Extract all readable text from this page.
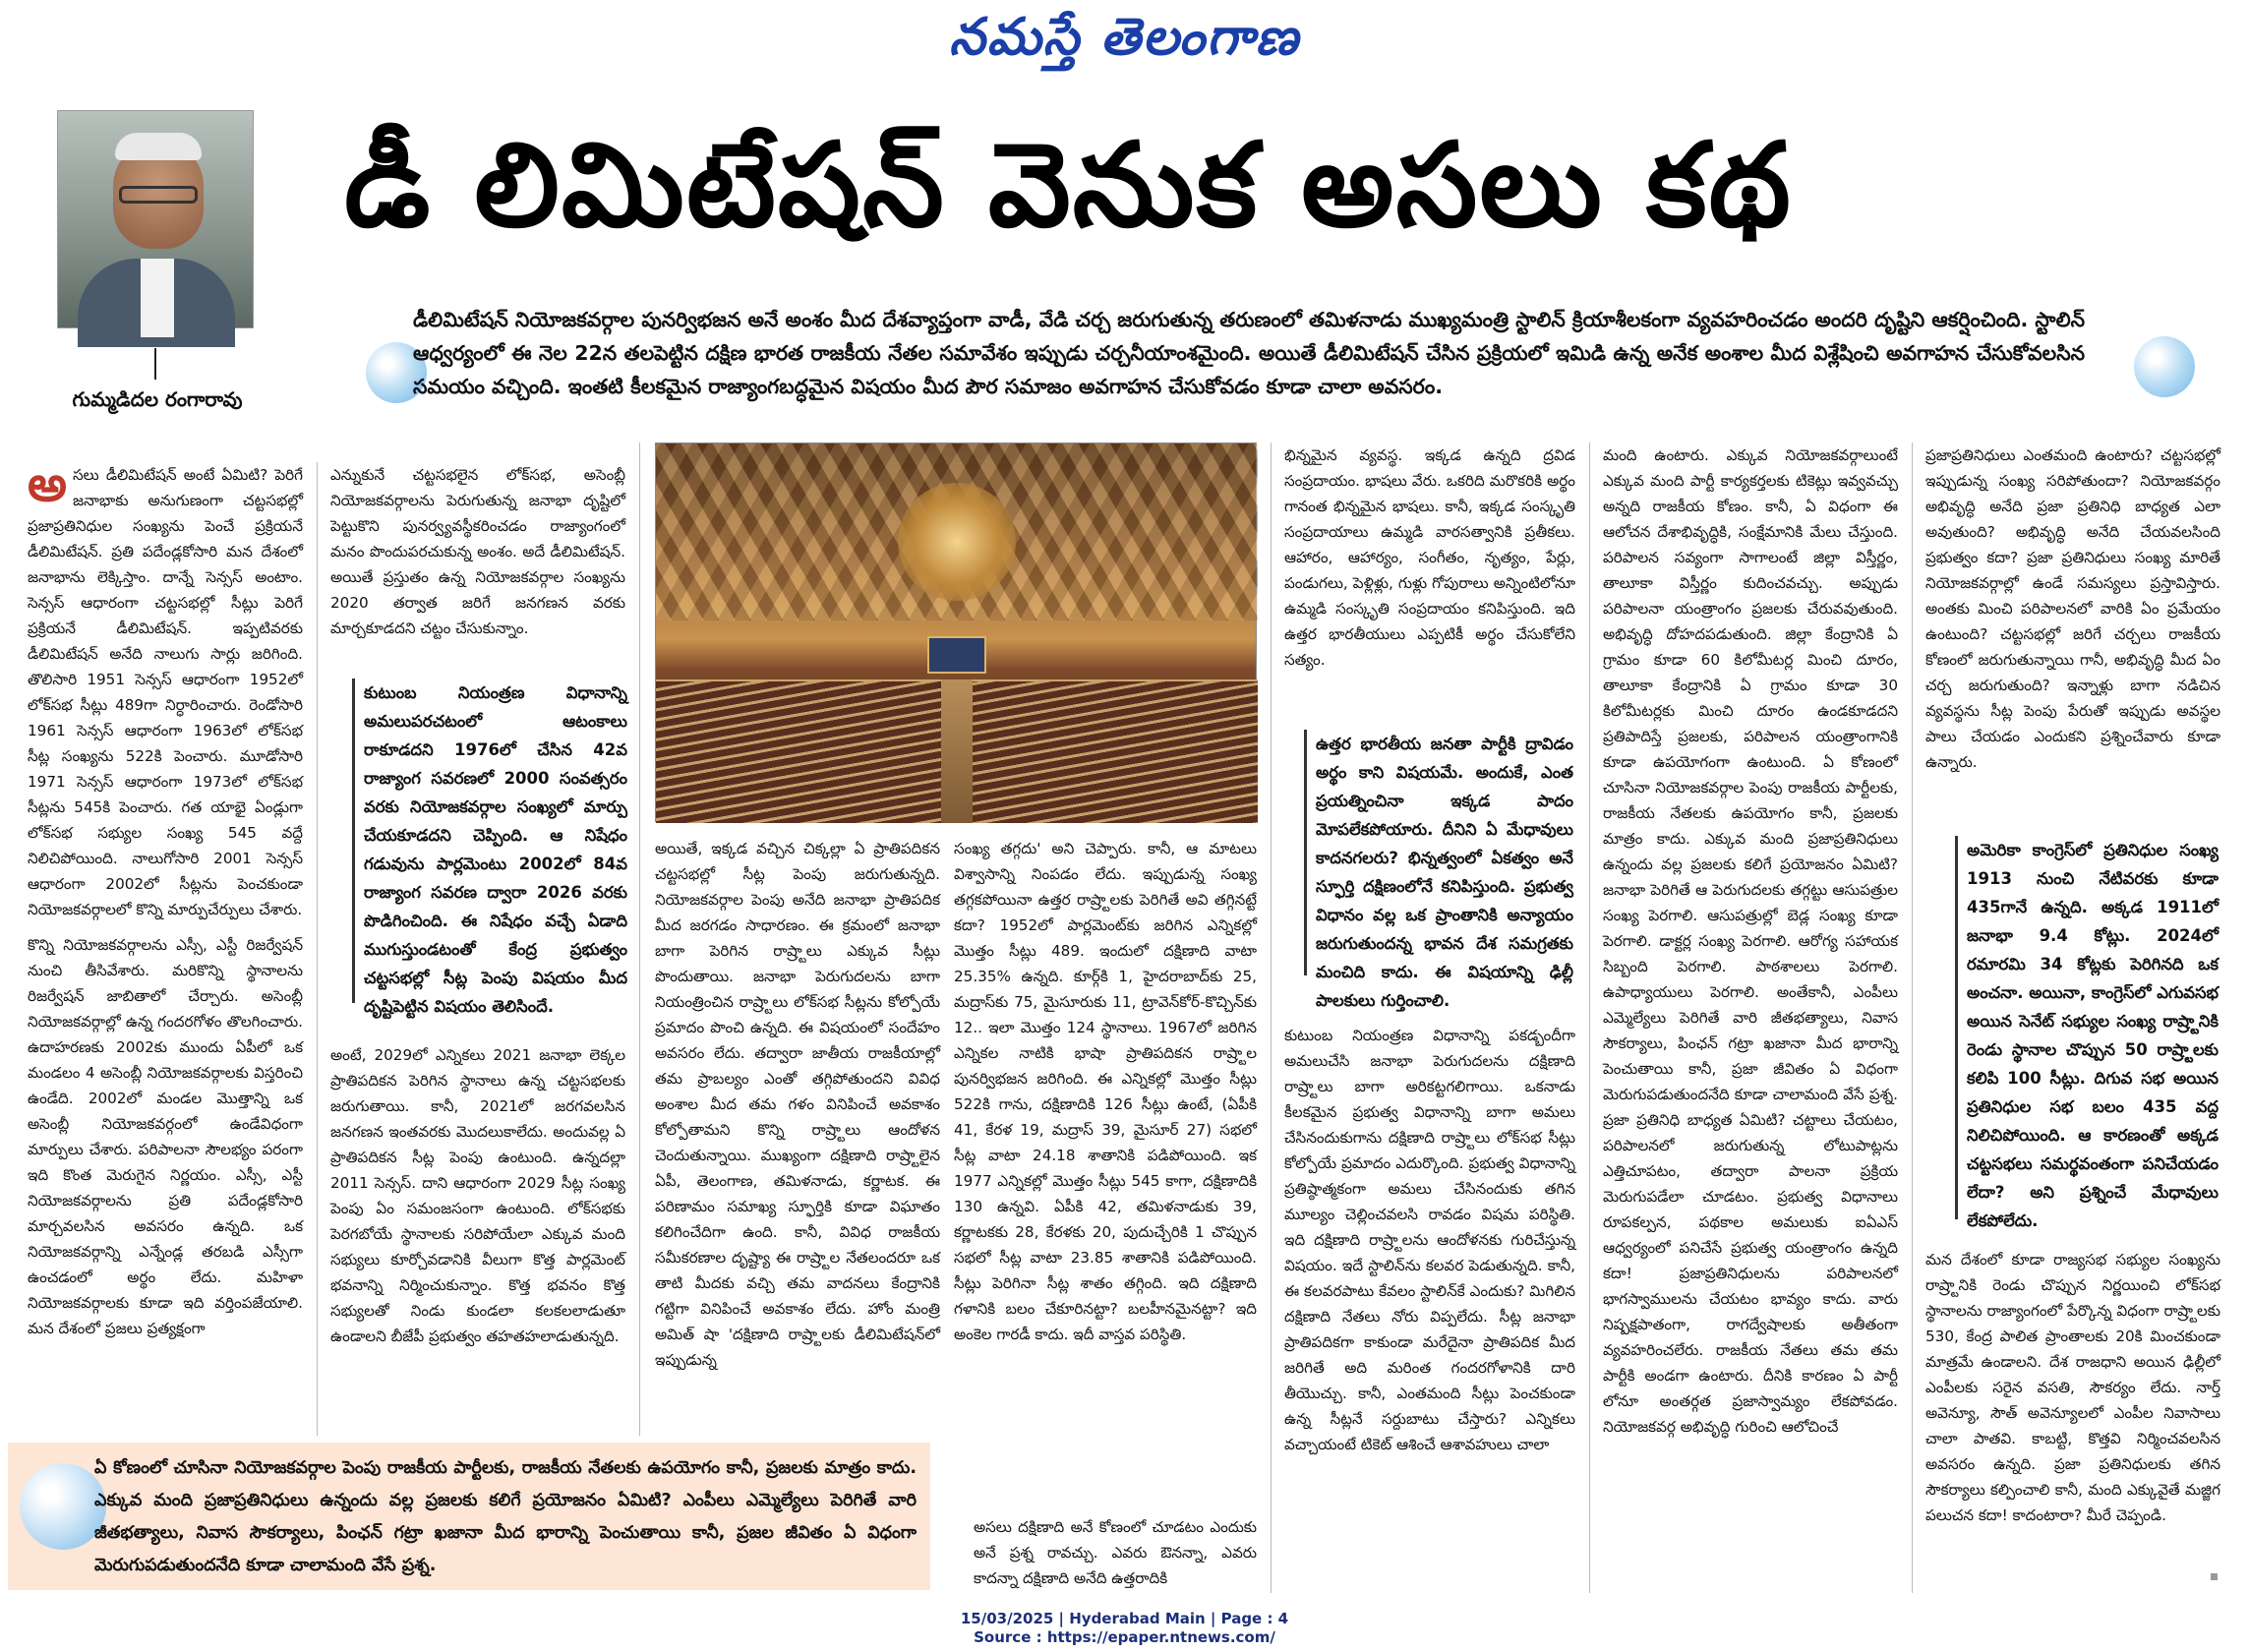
నమస్తే తెలంగాణ
గుమ్మడిదల రంగారావు
డీ లిమిటేషన్ వెనుక అసలు కథ

డీలిమిటేషన్ నియోజకవర్గాల పునర్విభజన అనే అంశం మీద దేశవ్యాప్తంగా వాడీ, వేడి చర్చ జరుగుతున్న తరుణంలో తమిళనాడు ముఖ్యమంత్రి స్టాలిన్ క్రియాశీలకంగా వ్యవహరించడం అందరి దృష్టిని ఆకర్షించింది. స్టాలిన్ ఆధ్వర్యంలో ఈ నెల 22న తలపెట్టిన దక్షిణ భారత రాజకీయ నేతల సమావేశం ఇప్పుడు చర్చనీయాంశమైంది. అయితే డీలిమిటేషన్ చేసిన ప్రక్రియలో ఇమిడి ఉన్న అనేక అంశాల మీద విశ్లేషించి అవగాహన చేసుకోవలసిన సమయం వచ్చింది. ఇంతటి కీలకమైన రాజ్యాంగబద్ధమైన విషయం మీద పౌర సమాజం అవగాహన చేసుకోవడం కూడా చాలా అవసరం.

అసలు డీలిమిటేషన్ అంటే ఏమిటి? పెరిగే జనాభాకు అనుగుణంగా చట్టసభల్లో ప్రజాప్రతినిధుల సంఖ్యను పెంచే ప్రక్రియనే డీలిమిటేషన్. ప్రతి పదేండ్లకోసారి మన దేశంలో జనాభాను లెక్కిస్తాం. దాన్నే సెన్సస్ అంటాం. సెన్సస్ ఆధారంగా చట్టసభల్లో సీట్లు పెరిగే ప్రక్రియనే డీలిమిటేషన్. ఇప్పటివరకు డీలిమిటేషన్ అనేది నాలుగు సార్లు జరిగింది. తొలిసారి 1951 సెన్సస్ ఆధారంగా 1952లో లోక్‌సభ సీట్లు 489గా నిర్ధారించారు. రెండోసారి 1961 సెన్సస్ ఆధారంగా 1963లో లోక్‌సభ సీట్ల సంఖ్యను 522కి పెంచారు. మూడోసారి 1971 సెన్సస్ ఆధారంగా 1973లో లోక్‌సభ సీట్లను 545కి పెంచారు. గత యాభై ఏండ్లుగా లోక్‌సభ సభ్యుల సంఖ్య 545 వద్దే నిలిచిపోయింది. నాలుగోసారి 2001 సెన్సస్ ఆధారంగా 2002లో సీట్లను పెంచకుండా నియోజకవర్గాలలో కొన్ని మార్పుచేర్పులు చేశారు.

కొన్ని నియోజకవర్గాలను ఎస్సీ, ఎస్టీ రిజర్వేషన్ నుంచి తీసివేశారు. మరికొన్ని స్థానాలను రిజర్వేషన్ జాబితాలో చేర్చారు. అసెంబ్లీ నియోజకవర్గాల్లో ఉన్న గందరగోళం తొలగించారు. ఉదాహరణకు 2002కు ముందు ఏపీలో ఒక మండలం 4 అసెంబ్లీ నియోజకవర్గాలకు విస్తరించి ఉండేది. 2002లో మండల మొత్తాన్ని ఒక అసెంబ్లీ నియోజకవర్గంలో ఉండేవిధంగా మార్పులు చేశారు. పరిపాలనా సౌలభ్యం పరంగా ఇది కొంత మెరుగైన నిర్ణయం. ఎస్సీ, ఎస్టీ నియోజకవర్గాలను ప్రతి పదేండ్లకోసారి మార్చవలసిన అవసరం ఉన్నది. ఒక నియోజకవర్గాన్ని ఎన్నేండ్ల తరబడి ఎస్సీగా ఉంచడంలో అర్థం లేదు. మహిళా నియోజకవర్గాలకు కూడా ఇది వర్తింపజేయాలి. మన దేశంలో ప్రజలు ప్రత్యక్షంగా

ఎన్నుకునే చట్టసభలైన లోక్‌సభ, అసెంబ్లీ నియోజకవర్గాలను పెరుగుతున్న జనాభా దృష్టిలో పెట్టుకొని పునర్వ్యవస్థీకరించడం రాజ్యాంగంలో మనం పొందుపరచుకున్న అంశం. అదే డీలిమిటేషన్. అయితే ప్రస్తుతం ఉన్న నియోజకవర్గాల సంఖ్యను 2020 తర్వాత జరిగే జనగణన వరకు మార్చకూడదని చట్టం చేసుకున్నాం.

కుటుంబ నియంత్రణ విధానాన్ని అమలుపరచటంలో ఆటంకాలు రాకూడదని 1976లో చేసిన 42వ రాజ్యాంగ సవరణలో 2000 సంవత్సరం వరకు నియోజకవర్గాల సంఖ్యలో మార్పు చేయకూడదని చెప్పింది. ఆ నిషేధం గడువును పార్లమెంటు 2002లో 84వ రాజ్యాంగ సవరణ ద్వారా 2026 వరకు పొడిగించింది. ఈ నిషేధం వచ్చే ఏడాది ముగుస్తుండటంతో కేంద్ర ప్రభుత్వం చట్టసభల్లో సీట్ల పెంపు విషయం మీద దృష్టిపెట్టిన విషయం తెలిసిందే.

అంటే, 2029లో ఎన్నికలు 2021 జనాభా లెక్కల ప్రాతిపదికన పెరిగిన స్థానాలు ఉన్న చట్టసభలకు జరుగుతాయి. కానీ, 2021లో జరగవలసిన జనగణన ఇంతవరకు మొదలుకాలేదు. అందువల్ల ఏ ప్రాతిపదికన సీట్ల పెంపు ఉంటుంది. ఉన్నదల్లా 2011 సెన్సస్. దాని ఆధారంగా 2029 సీట్ల సంఖ్య పెంపు ఏం సమంజసంగా ఉంటుంది. లోక్‌సభకు పెరగబోయే స్థానాలకు సరిపోయేలా ఎక్కువ మంది సభ్యులు కూర్చోవడానికి వీలుగా కొత్త పార్లమెంట్ భవనాన్ని నిర్మించుకున్నాం. కొత్త భవనం కొత్త సభ్యులతో నిండు కుండలా కలకలలాడుతూ ఉండాలని బీజేపీ ప్రభుత్వం తహతహలాడుతున్నది.

అయితే, ఇక్కడ వచ్చిన చిక్కల్లా ఏ ప్రాతిపదికన చట్టసభల్లో సీట్ల పెంపు జరుగుతున్నది. నియోజకవర్గాల పెంపు అనేది జనాభా ప్రాతిపదిక మీద జరగడం సాధారణం. ఈ క్రమంలో జనాభా బాగా పెరిగిన రాష్ర్టాలు ఎక్కువ సీట్లు పొందుతాయి. జనాభా పెరుగుదలను బాగా నియంత్రించిన రాష్ర్టాలు లోక్‌సభ సీట్లను కోల్పోయే ప్రమాదం పొంచి ఉన్నది. ఈ విషయంలో సందేహం అవసరం లేదు. తద్వారా జాతీయ రాజకీయాల్లో తమ ప్రాబల్యం ఎంతో తగ్గిపోతుందని వివిధ అంశాల మీద తమ గళం వినిపించే అవకాశం కోల్పోతామని కొన్ని రాష్ర్టాలు ఆందోళన చెందుతున్నాయి. ముఖ్యంగా దక్షిణాది రాష్ర్టాలైన ఏపీ, తెలంగాణ, తమిళనాడు, కర్ణాటక. ఈ పరిణామం సమాఖ్య స్ఫూర్తికి కూడా విఘాతం కలిగించేదిగా ఉంది. కానీ, వివిధ రాజకీయ సమీకరణాల దృష్ట్యా ఈ రాష్ర్టాల నేతలందరూ ఒక తాటి మీదకు వచ్చి తమ వాదనలు కేంద్రానికి గట్టిగా వినిపించే అవకాశం లేదు. హోం మంత్రి అమిత్ షా 'దక్షిణాది రాష్ర్టాలకు డీలిమిటేషన్‌లో ఇప్పుడున్న

సంఖ్య తగ్గదు' అని చెప్పారు. కానీ, ఆ మాటలు విశ్వాసాన్ని నింపడం లేదు. ఇప్పుడున్న సంఖ్య తగ్గకపోయినా ఉత్తర రాష్ర్టాలకు పెరిగితే అవి తగ్గినట్టే కదా? 1952లో పార్లమెంట్‌కు జరిగిన ఎన్నికల్లో మొత్తం సీట్లు 489. ఇందులో దక్షిణాది వాటా 25.35% ఉన్నది. కూర్గ్‌కి 1, హైదరాబాద్‌కు 25, మద్రాస్‌కు 75, మైసూరుకు 11, ట్రావెన్‌కోర్-కొచ్చిన్‌కు 12.. ఇలా మొత్తం 124 స్థానాలు. 1967లో జరిగిన ఎన్నికల నాటికి భాషా ప్రాతిపదికన రాష్ర్టాల పునర్విభజన జరిగింది. ఈ ఎన్నికల్లో మొత్తం సీట్లు 522కి గాను, దక్షిణాదికి 126 సీట్లు ఉంటే, (ఏపీకి 41, కేరళ 19, మద్రాస్ 39, మైసూర్ 27) సభలో సీట్ల వాటా 24.18 శాతానికి పడిపోయింది. ఇక 1977 ఎన్నికల్లో మొత్తం సీట్లు 545 కాగా, దక్షిణాదికి 130 ఉన్నవి. ఏపీకి 42, తమిళనాడుకు 39, కర్ణాటకకు 28, కేరళకు 20, పుదుచ్చేరికి 1 చొప్పున సభలో సీట్ల వాటా 23.85 శాతానికి పడిపోయింది. సీట్లు పెరిగినా సీట్ల శాతం తగ్గింది. ఇది దక్షిణాది గళానికి బలం చేకూరినట్టా? బలహీనమైనట్టా? ఇది అంకెల గారడీ కాదు. ఇదీ వాస్తవ పరిస్థితి.

అసలు దక్షిణాది అనే కోణంలో చూడటం ఎందుకు అనే ప్రశ్న రావచ్చు. ఎవరు ఔనన్నా, ఎవరు కాదన్నా దక్షిణాది అనేది ఉత్తరాదికి

భిన్నమైన వ్యవస్థ. ఇక్కడ ఉన్నది ద్రవిడ సంప్రదాయం. భాషలు వేరు. ఒకరిది మరొకరికి అర్థం గానంత భిన్నమైన భాషలు. కానీ, ఇక్కడ సంస్కృతి సంప్రదాయాలు ఉమ్మడి వారసత్వానికి ప్రతీకలు. ఆహారం, ఆహార్యం, సంగీతం, నృత్యం, పేర్లు, పండుగలు, పెళ్లిళ్లు, గుళ్లు గోపురాలు అన్నింటిలోనూ ఉమ్మడి సంస్కృతి సంప్రదాయం కనిపిస్తుంది. ఇది ఉత్తర భారతీయులు ఎప్పటికీ అర్థం చేసుకోలేని సత్యం.

ఉత్తర భారతీయ జనతా పార్టీకి ద్రావిడం అర్థం కాని విషయమే. అందుకే, ఎంత ప్రయత్నించినా ఇక్కడ పాదం మోపలేకపోయారు. దీనిని ఏ మేధావులు కాదనగలరు? భిన్నత్వంలో ఏకత్వం అనే స్ఫూర్తి దక్షిణంలోనే కనిపిస్తుంది. ప్రభుత్వ విధానం వల్ల ఒక ప్రాంతానికి అన్యాయం జరుగుతుందన్న భావన దేశ సమగ్రతకు మంచిది కాదు. ఈ విషయాన్ని ఢిల్లీ పాలకులు గుర్తించాలి.

కుటుంబ నియంత్రణ విధానాన్ని పకడ్బందీగా అమలుచేసి జనాభా పెరుగుదలను దక్షిణాది రాష్ర్టాలు బాగా అరికట్టగలిగాయి. ఒకనాడు కీలకమైన ప్రభుత్వ విధానాన్ని బాగా అమలు చేసినందుకుగాను దక్షిణాది రాష్ర్టాలు లోక్‌సభ సీట్లు కోల్పోయే ప్రమాదం ఎదుర్కొంది. ప్రభుత్వ విధానాన్ని ప్రతిష్ఠాత్మకంగా అమలు చేసినందుకు తగిన మూల్యం చెల్లించవలసి రావడం విషమ పరిస్థితి. ఇది దక్షిణాది రాష్ర్టాలను ఆందోళనకు గురిచేస్తున్న విషయం. ఇదే స్టాలిన్‌ను కలవర పెడుతున్నది. కానీ, ఈ కలవరపాటు కేవలం స్టాలిన్‌కే ఎందుకు? మిగిలిన దక్షిణాది నేతలు నోరు విప్పలేదు. సీట్ల జనాభా ప్రాతిపదికగా కాకుండా మరేదైనా ప్రాతిపదిక మీద జరిగితే అది మరింత గందరగోళానికి దారి తీయొచ్చు. కానీ, ఎంతమంది సీట్లు పెంచకుండా ఉన్న సీట్లనే సర్దుబాటు చేస్తారు? ఎన్నికలు వచ్చాయంటే టికెట్ ఆశించే ఆశావహులు చాలా

మంది ఉంటారు. ఎక్కువ నియోజకవర్గాలుంటే ఎక్కువ మంది పార్టీ కార్యకర్తలకు టికెట్లు ఇవ్వవచ్చు అన్నది రాజకీయ కోణం. కానీ, ఏ విధంగా ఈ ఆలోచన దేశాభివృద్ధికి, సంక్షేమానికి మేలు చేస్తుంది. పరిపాలన సవ్యంగా సాగాలంటే జిల్లా విస్తీర్ణం, తాలూకా విస్తీర్ణం కుదించవచ్చు. అప్పుడు పరిపాలనా యంత్రాంగం ప్రజలకు చేరువవుతుంది. అభివృద్ధి దోహదపడుతుంది. జిల్లా కేంద్రానికి ఏ గ్రామం కూడా 60 కిలోమీటర్ల మించి దూరం, తాలూకా కేంద్రానికి ఏ గ్రామం కూడా 30 కిలోమీటర్లకు మించి దూరం ఉండకూడదని ప్రతిపాదిస్తే ప్రజలకు, పరిపాలన యంత్రాంగానికి కూడా ఉపయోగంగా ఉంటుంది. ఏ కోణంలో చూసినా నియోజకవర్గాల పెంపు రాజకీయ పార్టీలకు, రాజకీయ నేతలకు ఉపయోగం కానీ, ప్రజలకు మాత్రం కాదు. ఎక్కువ మంది ప్రజాప్రతినిధులు ఉన్నందు వల్ల ప్రజలకు కలిగే ప్రయోజనం ఏమిటి? జనాభా పెరిగితే ఆ పెరుగుదలకు తగ్గట్టు ఆసుపత్రుల సంఖ్య పెరగాలి. ఆసుపత్రుల్లో బెడ్ల సంఖ్య కూడా పెరగాలి. డాక్టర్ల సంఖ్య పెరగాలి. ఆరోగ్య సహాయక సిబ్బంది పెరగాలి. పాఠశాలలు పెరగాలి. ఉపాధ్యాయులు పెరగాలి. అంతేకానీ, ఎంపీలు ఎమ్మెల్యేలు పెరిగితే వారి జీతభత్యాలు, నివాస సౌకర్యాలు, పింఛన్ గట్రా ఖజానా మీద భారాన్ని పెంచుతాయి కానీ, ప్రజా జీవితం ఏ విధంగా మెరుగుపడుతుందనేది కూడా చాలామంది వేసే ప్రశ్న. ప్రజా ప్రతినిధి బాధ్యత ఏమిటి? చట్టాలు చేయటం, పరిపాలనలో జరుగుతున్న లోటుపాట్లను ఎత్తిచూపటం, తద్వారా పాలనా ప్రక్రియ మెరుగుపడేలా చూడటం. ప్రభుత్వ విధానాలు రూపకల్పన, పథకాల అమలుకు ఐఏఎస్ ఆధ్వర్యంలో పనిచేసే ప్రభుత్వ యంత్రాంగం ఉన్నది కదా! ప్రజాప్రతినిధులను పరిపాలనలో భాగస్వాములను చేయటం భావ్యం కాదు. వారు నిష్పక్షపాతంగా, రాగద్వేషాలకు అతీతంగా వ్యవహరించలేరు. రాజకీయ నేతలు తమ తమ పార్టీకి అండగా ఉంటారు. దీనికి కారణం ఏ పార్టీ లోనూ అంతర్గత ప్రజాస్వామ్యం లేకపోవడం. నియోజకవర్గ అభివృద్ధి గురించి ఆలోచించే

ప్రజాప్రతినిధులు ఎంతమంది ఉంటారు? చట్టసభల్లో ఇప్పుడున్న సంఖ్య సరిపోతుందా? నియోజకవర్గం అభివృద్ధి అనేది ప్రజా ప్రతినిధి బాధ్యత ఎలా అవుతుంది? అభివృద్ధి అనేది చేయవలసింది ప్రభుత్వం కదా? ప్రజా ప్రతినిధులు సంఖ్య మారితే నియోజకవర్గాల్లో ఉండే సమస్యలు ప్రస్తావిస్తారు. అంతకు మించి పరిపాలనలో వారికి ఏం ప్రమేయం ఉంటుంది? చట్టసభల్లో జరిగే చర్చలు రాజకీయ కోణంలో జరుగుతున్నాయి గానీ, అభివృద్ధి మీద ఏం చర్చ జరుగుతుంది? ఇన్నాళ్లు బాగా నడిచిన వ్యవస్థను సీట్ల పెంపు పేరుతో ఇప్పుడు అవస్థల పాలు చేయడం ఎందుకని ప్రశ్నించేవారు కూడా ఉన్నారు.

అమెరికా కాంగ్రెస్‌లో ప్రతినిధుల సంఖ్య 1913 నుంచి నేటివరకు కూడా 435గానే ఉన్నది. అక్కడ 1911లో జనాభా 9.4 కోట్లు. 2024లో రమారమి 34 కోట్లకు పెరిగినది ఒక అంచనా. అయినా, కాంగ్రెస్‌లో ఎగువసభ అయిన సెనేట్ సభ్యుల సంఖ్య రాష్ర్టానికి రెండు స్థానాల చొప్పున 50 రాష్ర్టాలకు కలిపి 100 సీట్లు. దిగువ సభ అయిన ప్రతినిధుల సభ బలం 435 వద్ద నిలిచిపోయింది. ఆ కారణంతో అక్కడ చట్టసభలు సమర్థవంతంగా పనిచేయడం లేదా? అని ప్రశ్నించే మేధావులు లేకపోలేదు.

మన దేశంలో కూడా రాజ్యసభ సభ్యుల సంఖ్యను రాష్ర్టానికి రెండు చొప్పున నిర్ణయించి లోక్‌సభ స్థానాలను రాజ్యాంగంలో పేర్కొన్న విధంగా రాష్ర్టాలకు 530, కేంద్ర పాలిత ప్రాంతాలకు 20కి మించకుండా మాత్రమే ఉండాలని. దేశ రాజధాని అయిన ఢిల్లీలో ఎంపీలకు సరైన వసతి, సౌకర్యం లేదు. నార్త్ అవెన్యూ, సౌత్ అవెన్యూలలో ఎంపీల నివాసాలు చాలా పాతవి. కాబట్టి, కొత్తవి నిర్మించవలసిన అవసరం ఉన్నది. ప్రజా ప్రతినిధులకు తగిన సౌకర్యాలు కల్పించాలి కానీ, మంది ఎక్కువైతే మజ్జిగ పలుచన కదా! కాదంటారా? మీరే చెప్పండి.

ఏ కోణంలో చూసినా నియోజకవర్గాల పెంపు రాజకీయ పార్టీలకు, రాజకీయ నేతలకు ఉపయోగం కానీ, ప్రజలకు మాత్రం కాదు. ఎక్కువ మంది ప్రజాప్రతినిధులు ఉన్నందు వల్ల ప్రజలకు కలిగే ప్రయోజనం ఏమిటి? ఎంపీలు ఎమ్మెల్యేలు పెరిగితే వారి జీతభత్యాలు, నివాస సౌకర్యాలు, పింఛన్ గట్రా ఖజానా మీద భారాన్ని పెంచుతాయి కానీ, ప్రజల జీవితం ఏ విధంగా మెరుగుపడుతుందనేది కూడా చాలామంది వేసే ప్రశ్న.

15/03/2025 | Hyderabad Main | Page : 4
Source : https://epaper.ntnews.com/
